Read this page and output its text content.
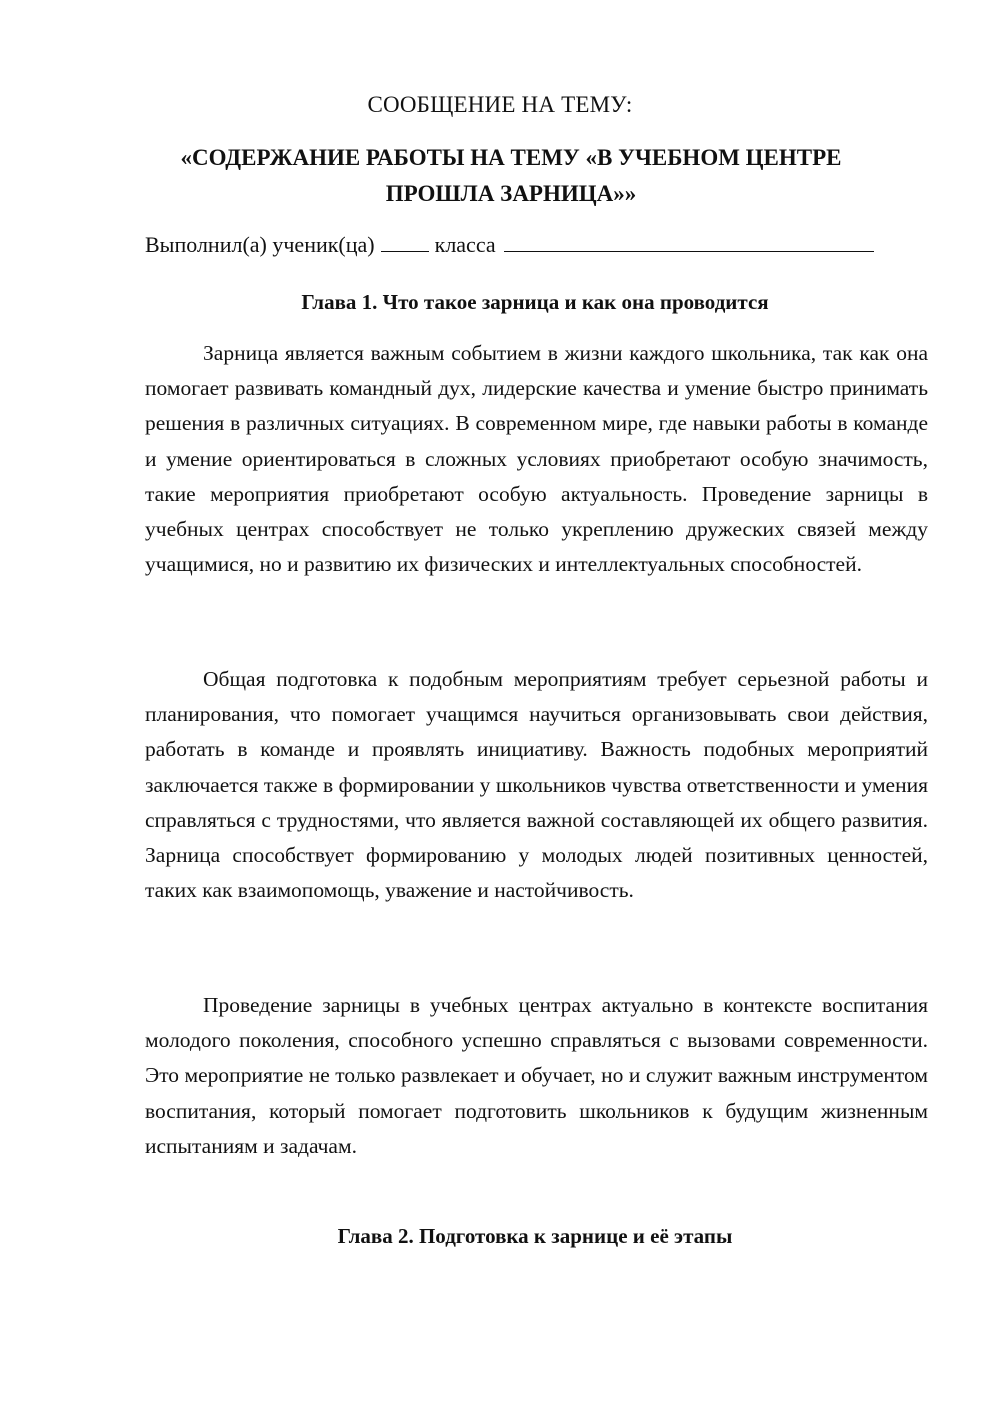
СООБЩЕНИЕ НА ТЕМУ:
«СОДЕРЖАНИЕ РАБОТЫ НА ТЕМУ «В УЧЕБНОМ ЦЕНТРЕ ПРОШЛА ЗАРНИЦА»»
Выполнил(а) ученик(ца)	класса
Глава 1. Что такое зарница и как она проводится

Зарница является важным событием в жизни каждого школьника, так как она помогает развивать командный дух, лидерские качества и умение быстро принимать решения в различных ситуациях. В современном мире, где навыки работы в команде и умение ориентироваться в сложных условиях приобретают особую значимость, такие мероприятия приобретают особую актуальность. Проведение зарницы в учебных центрах способствует не только укреплению дружеских связей между учащимися, но и развитию их физических и интеллектуальных способностей.

Общая подготовка к подобным мероприятиям требует серьезной работы и планирования, что помогает учащимся научиться организовывать свои действия, работать в команде и проявлять инициативу. Важность подобных мероприятий заключается также в формировании у школьников чувства ответственности и умения справляться с трудностями, что является важной составляющей их общего развития. Зарница способствует формированию у молодых людей позитивных ценностей, таких как взаимопомощь, уважение и настойчивость.

Проведение зарницы в учебных центрах актуально в контексте воспитания молодого поколения, способного успешно справляться с вызовами современности. Это мероприятие не только развлекает и обучает, но и служит важным инструментом воспитания, который помогает подготовить школьников к будущим жизненным испытаниям и задачам.

Глава 2. Подготовка к зарнице и её этапы
